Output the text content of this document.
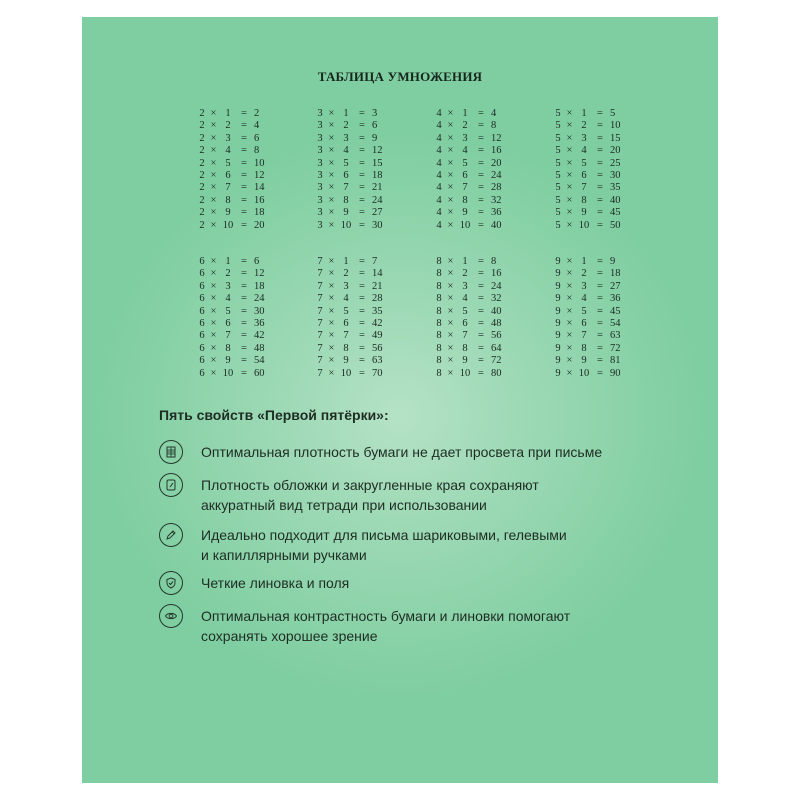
ТАБЛИЦА УМНОЖЕНИЯ
2 × 1 = 2
2 × 2 = 4
2 × 3 = 6
2 × 4 = 8
2 × 5 = 10
2 × 6 = 12
2 × 7 = 14
2 × 8 = 16
2 × 9 = 18
2 × 10 = 20
3 × 1 = 3
3 × 2 = 6
3 × 3 = 9
3 × 4 = 12
3 × 5 = 15
3 × 6 = 18
3 × 7 = 21
3 × 8 = 24
3 × 9 = 27
3 × 10 = 30
4 × 1 = 4
4 × 2 = 8
4 × 3 = 12
4 × 4 = 16
4 × 5 = 20
4 × 6 = 24
4 × 7 = 28
4 × 8 = 32
4 × 9 = 36
4 × 10 = 40
5 × 1 = 5
5 × 2 = 10
5 × 3 = 15
5 × 4 = 20
5 × 5 = 25
5 × 6 = 30
5 × 7 = 35
5 × 8 = 40
5 × 9 = 45
5 × 10 = 50
6 × 1 = 6
6 × 2 = 12
6 × 3 = 18
6 × 4 = 24
6 × 5 = 30
6 × 6 = 36
6 × 7 = 42
6 × 8 = 48
6 × 9 = 54
6 × 10 = 60
7 × 1 = 7
7 × 2 = 14
7 × 3 = 21
7 × 4 = 28
7 × 5 = 35
7 × 6 = 42
7 × 7 = 49
7 × 8 = 56
7 × 9 = 63
7 × 10 = 70
8 × 1 = 8
8 × 2 = 16
8 × 3 = 24
8 × 4 = 32
8 × 5 = 40
8 × 6 = 48
8 × 7 = 56
8 × 8 = 64
8 × 9 = 72
8 × 10 = 80
9 × 1 = 9
9 × 2 = 18
9 × 3 = 27
9 × 4 = 36
9 × 5 = 45
9 × 6 = 54
9 × 7 = 63
9 × 8 = 72
9 × 9 = 81
9 × 10 = 90
Пять свойств «Первой пятёрки»:
Оптимальная плотность бумаги не дает просвета при письме
Плотность обложки и закругленные края сохраняют
аккуратный вид тетради при использовании
Идеально подходит для письма шариковыми, гелевыми
и капиллярными ручками
Четкие линовка и поля
Оптимальная контрастность бумаги и линовки помогают
сохранять хорошее зрение
